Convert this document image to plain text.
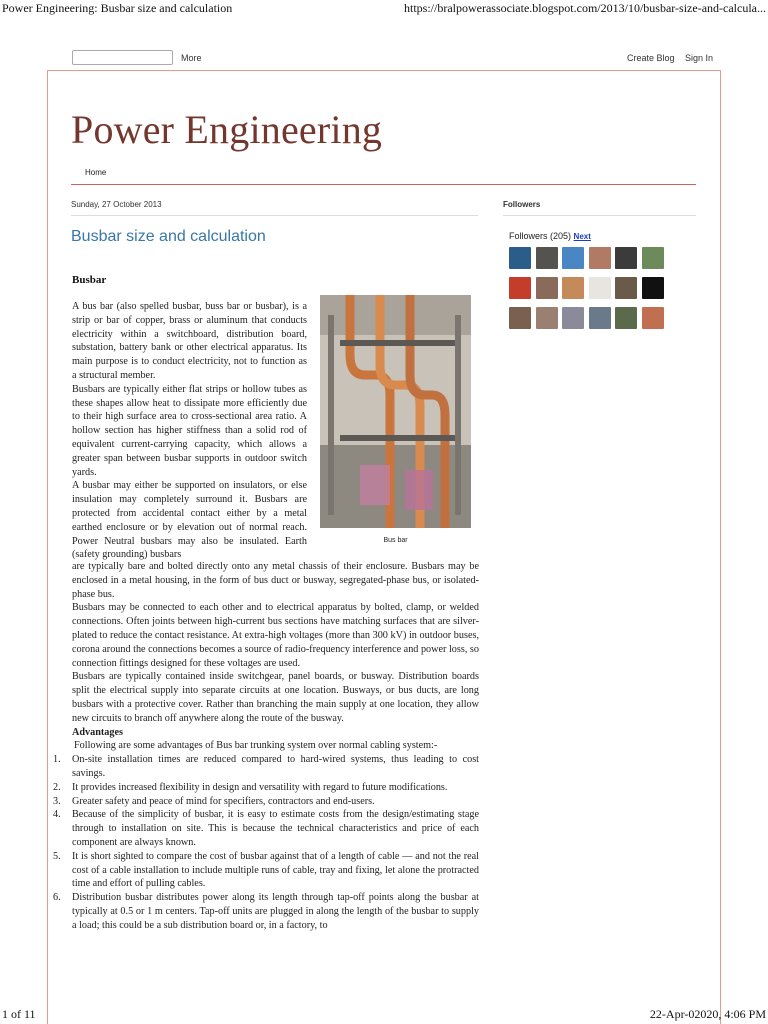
Power Engineering: Busbar size and calculation	https://bralpowerassociate.blogspot.com/2013/10/busbar-size-and-calcula...
More	Create Blog Sign In
Power Engineering
Home
Sunday, 27 October 2013
Busbar size and calculation
Busbar

A bus bar (also spelled busbar, buss bar or busbar), is a strip or bar of copper, brass or aluminum that conducts electricity within a switchboard, distribution board, substation, battery bank or other electrical apparatus. Its main purpose is to conduct electricity, not to function as a structural member.

Busbars are typically either flat strips or hollow tubes as these shapes allow heat to dissipate more efficiently due to their high surface area to cross-sectional area ratio. A hollow section has higher stiffness than a solid rod of equivalent current-carrying capacity, which allows a greater span between busbar supports in outdoor switch yards.

A busbar may either be supported on insulators, or else insulation may completely surround it. Busbars are protected from accidental contact either by a metal earthed enclosure or by elevation out of normal reach. Power Neutral busbars may also be insulated. Earth (safety grounding) busbars

Bus bar

are typically bare and bolted directly onto any metal chassis of their enclosure. Busbars may be enclosed in a metal housing, in the form of bus duct or busway, segregated-phase bus, or isolated-phase bus.

Busbars may be connected to each other and to electrical apparatus by bolted, clamp, or welded connections. Often joints between high-current bus sections have matching surfaces that are silver-plated to reduce the contact resistance. At extra-high voltages (more than 300 kV) in outdoor buses, corona around the connections becomes a source of radio-frequency interference and power loss, so connection fittings designed for these voltages are used.

Busbars are typically contained inside switchgear, panel boards, or busway. Distribution boards split the electrical supply into separate circuits at one location. Busways, or bus ducts, are long busbars with a protective cover. Rather than branching the main supply at one location, they allow new circuits to branch off anywhere along the route of the busway.

Advantages

Following are some advantages of Bus bar trunking system over normal cabling system:-

1. On-site installation times are reduced compared to hard-wired systems, thus leading to cost savings.
2. It provides increased flexibility in design and versatility with regard to future modifications.
3. Greater safety and peace of mind for specifiers, contractors and end-users.
4. Because of the simplicity of busbar, it is easy to estimate costs from the design/estimating stage through to installation on site. This is because the technical characteristics and price of each component are always known.
5. It is short sighted to compare the cost of busbar against that of a length of cable — and not the real cost of a cable installation to include multiple runs of cable, tray and fixing, let alone the protracted time and effort of pulling cables.
6. Distribution busbar distributes power along its length through tap-off points along the busbar at typically at 0.5 or 1 m centers. Tap-off units are plugged in along the length of the busbar to supply a load; this could be a sub distribution board or, in a factory, to
Followers
Followers (205) Next
1 of 11	22-Apr-02020, 4:06 PM
